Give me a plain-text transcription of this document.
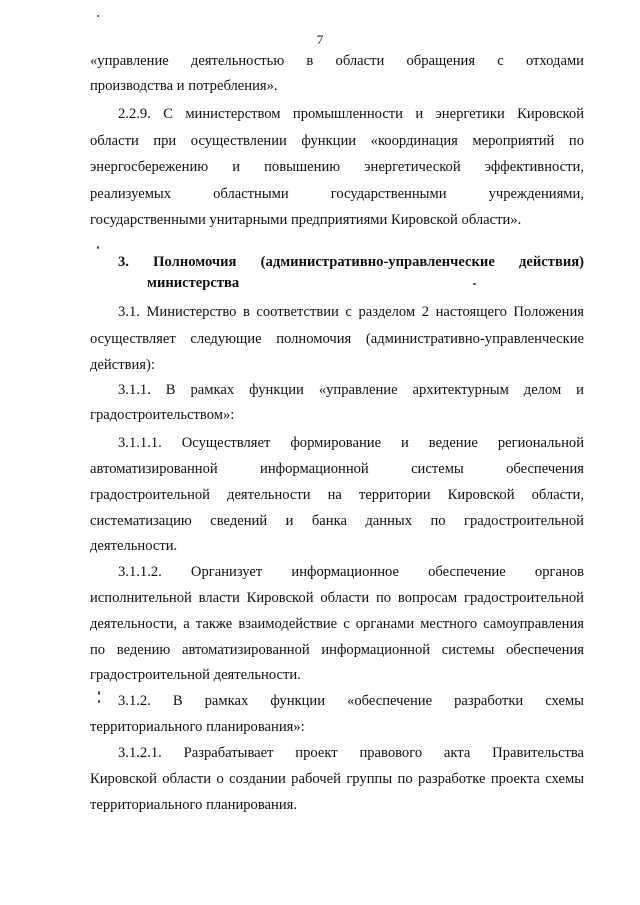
7
«управление деятельностью в области обращения с отходами
производства и потребления».
2.2.9. С министерством промышленности и энергетики Кировской
области при осуществлении функции «координация мероприятий по
энергосбережению и повышению энергетической эффективности,
реализуемых областными государственными учреждениями,
государственными унитарными предприятиями Кировской области».
3. Полномочия (административно-управленческие действия)
министерства
3.1. Министерство в соответствии с разделом 2 настоящего Положения
осуществляет следующие полномочия (административно-управленческие
действия):
3.1.1. В рамках функции «управление архитектурным делом и
градостроительством»:
3.1.1.1. Осуществляет формирование и ведение региональной
автоматизированной информационной системы обеспечения
градостроительной деятельности на территории Кировской области,
систематизацию сведений и банка данных по градостроительной
деятельности.
3.1.1.2. Организует информационное обеспечение органов
исполнительной власти Кировской области по вопросам градостроительной
деятельности, а также взаимодействие с органами местного самоуправления
по ведению автоматизированной информационной системы обеспечения
градостроительной деятельности.
3.1.2. В рамках функции «обеспечение разработки схемы
территориального планирования»:
3.1.2.1. Разрабатывает проект правового акта Правительства
Кировской области о создании рабочей группы по разработке проекта схемы
территориального планирования.
